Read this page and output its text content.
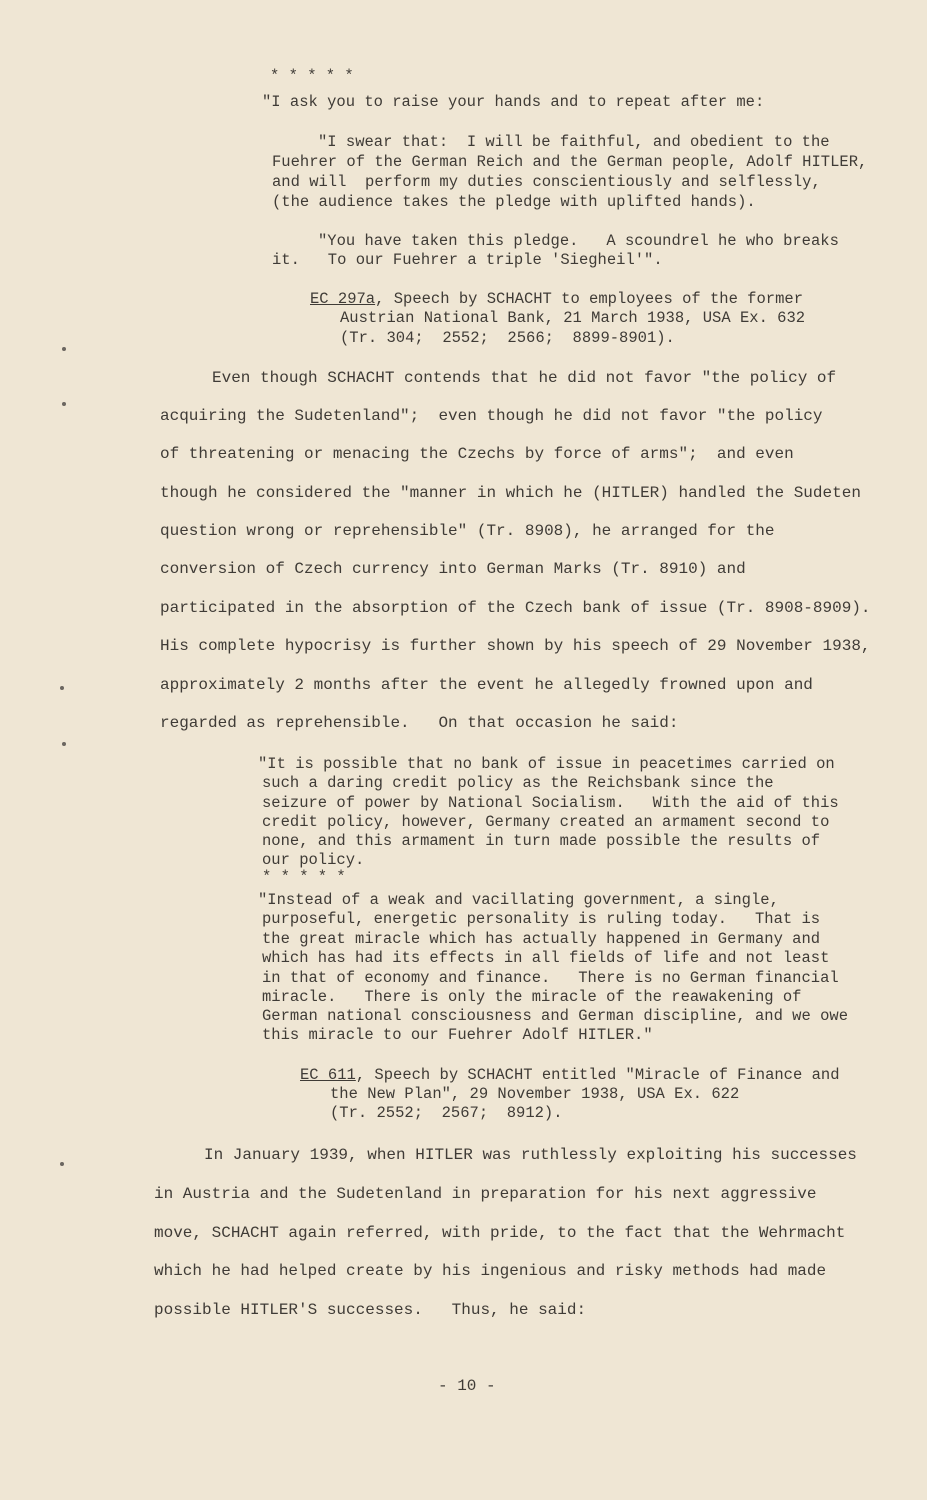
* * * * *
"I ask you to raise your hands and to repeat after me:
"I swear that:  I will be faithful, and obedient to the
Fuehrer of the German Reich and the German people, Adolf HITLER,
and will  perform my duties conscientiously and selflessly,
(the audience takes the pledge with uplifted hands).
"You have taken this pledge.   A scoundrel he who breaks
it.   To our Fuehrer a triple 'Siegheil'".
EC 297a, Speech by SCHACHT to employees of the former
Austrian National Bank, 21 March 1938, USA Ex. 632
(Tr. 304;  2552;  2566;  8899-8901).
Even though SCHACHT contends that he did not favor "the policy of
acquiring the Sudetenland";  even though he did not favor "the policy
of threatening or menacing the Czechs by force of arms";  and even
though he considered the "manner in which he (HITLER) handled the Sudeten
question wrong or reprehensible" (Tr. 8908), he arranged for the
conversion of Czech currency into German Marks (Tr. 8910) and
participated in the absorption of the Czech bank of issue (Tr. 8908-8909).
His complete hypocrisy is further shown by his speech of 29 November 1938,
approximately 2 months after the event he allegedly frowned upon and
regarded as reprehensible.   On that occasion he said:
"It is possible that no bank of issue in peacetimes carried on
such a daring credit policy as the Reichsbank since the
seizure of power by National Socialism.   With the aid of this
credit policy, however, Germany created an armament second to
none, and this armament in turn made possible the results of
our policy.
* * * * *
"Instead of a weak and vacillating government, a single,
purposeful, energetic personality is ruling today.   That is
the great miracle which has actually happened in Germany and
which has had its effects in all fields of life and not least
in that of economy and finance.   There is no German financial
miracle.   There is only the miracle of the reawakening of
German national consciousness and German discipline, and we owe
this miracle to our Fuehrer Adolf HITLER."
EC 611, Speech by SCHACHT entitled "Miracle of Finance and
the New Plan", 29 November 1938, USA Ex. 622
(Tr. 2552;  2567;  8912).
In January 1939, when HITLER was ruthlessly exploiting his successes
in Austria and the Sudetenland in preparation for his next aggressive
move, SCHACHT again referred, with pride, to the fact that the Wehrmacht
which he had helped create by his ingenious and risky methods had made
possible HITLER'S successes.   Thus, he said:
- 10 -
